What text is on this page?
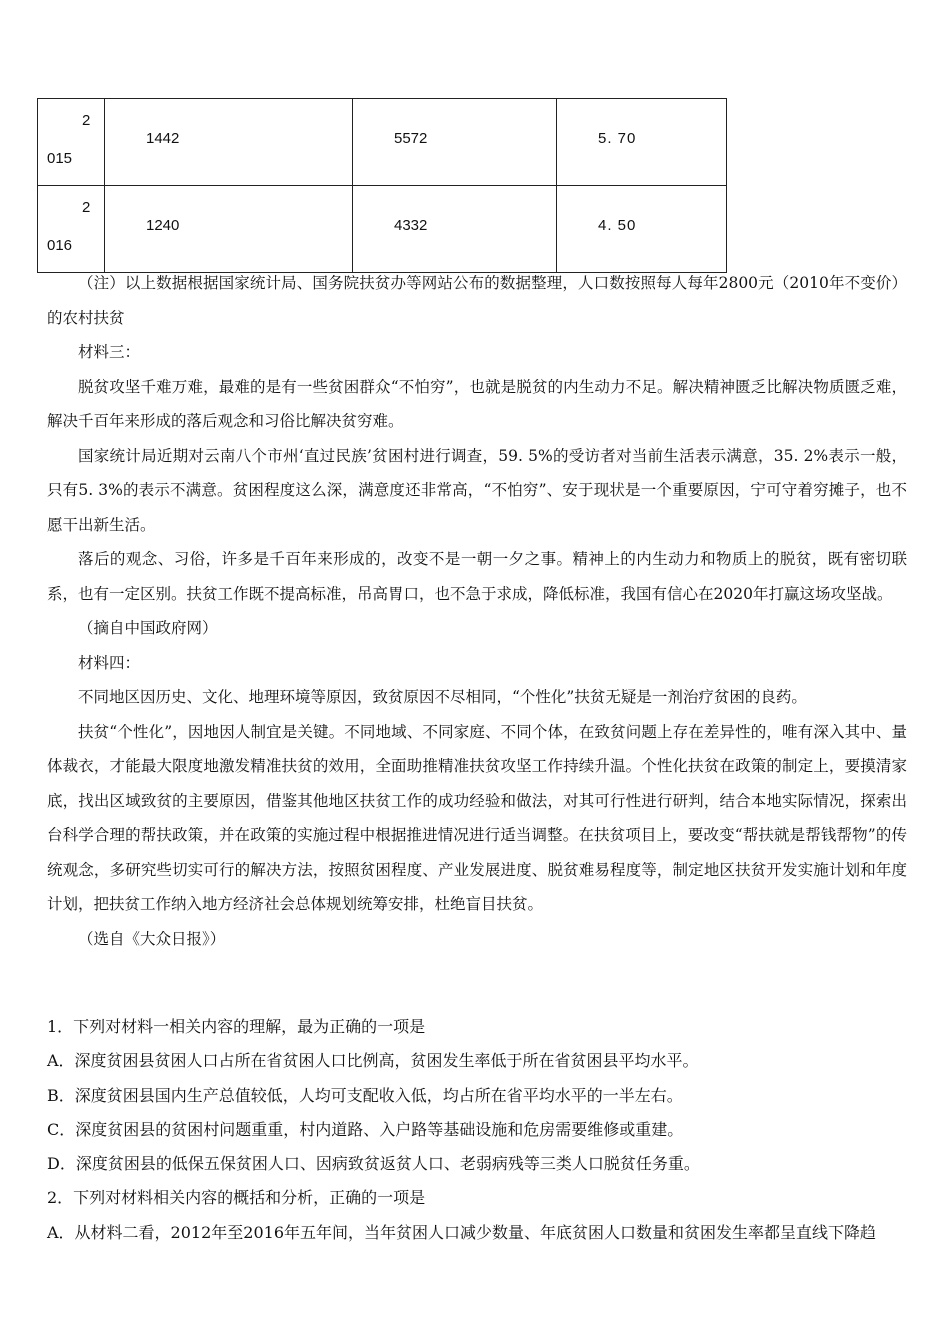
2
015	1442	5572	5. 70

2
016	1240	4332	4. 50

（注）以上数据根据国家统计局、国务院扶贫办等网站公布的数据整理，人口数按照每人每年2800元（2010年不变价）的农村扶贫

材料三：

脱贫攻坚千难万难，最难的是有一些贫困群众“不怕穷”，也就是脱贫的内生动力不足。解决精神匮乏比解决物质匮乏难，解决千百年来形成的落后观念和习俗比解决贫穷难。

国家统计局近期对云南八个市州‘直过民族’贫困村进行调查，59. 5%的受访者对当前生活表示满意，35. 2%表示一般，只有5. 3%的表示不满意。贫困程度这么深，满意度还非常高，“不怕穷”、安于现状是一个重要原因，宁可守着穷摊子，也不愿干出新生活。

落后的观念、习俗，许多是千百年来形成的，改变不是一朝一夕之事。精神上的内生动力和物质上的脱贫，既有密切联系，也有一定区别。扶贫工作既不提高标准，吊高胃口，也不急于求成，降低标准，我国有信心在2020年打赢这场攻坚战。

（摘自中国政府网）

材料四：

不同地区因历史、文化、地理环境等原因，致贫原因不尽相同，“个性化”扶贫无疑是一剂治疗贫困的良药。

扶贫“个性化”，因地因人制宜是关键。不同地域、不同家庭、不同个体，在致贫问题上存在差异性的，唯有深入其中、量体裁衣，才能最大限度地激发精准扶贫的效用，全面助推精准扶贫攻坚工作持续升温。个性化扶贫在政策的制定上，要摸清家底，找出区域致贫的主要原因，借鉴其他地区扶贫工作的成功经验和做法，对其可行性进行研判，结合本地实际情况，探索出台科学合理的帮扶政策，并在政策的实施过程中根据推进情况进行适当调整。在扶贫项目上，要改变“帮扶就是帮钱帮物”的传统观念，多研究些切实可行的解决方法，按照贫困程度、产业发展进度、脱贫难易程度等，制定地区扶贫开发实施计划和年度计划，把扶贫工作纳入地方经济社会总体规划统筹安排，杜绝盲目扶贫。

（选自《大众日报》）

1．下列对材料一相关内容的理解，最为正确的一项是
A．深度贫困县贫困人口占所在省贫困人口比例高，贫困发生率低于所在省贫困县平均水平。
B．深度贫困县国内生产总值较低，人均可支配收入低，均占所在省平均水平的一半左右。
C．深度贫困县的贫困村问题重重，村内道路、入户路等基础设施和危房需要维修或重建。
D．深度贫困县的低保五保贫困人口、因病致贫返贫人口、老弱病残等三类人口脱贫任务重。
2．下列对材料相关内容的概括和分析，正确的一项是
A．从材料二看，2012年至2016年五年间，当年贫困人口减少数量、年底贫困人口数量和贫困发生率都呈直线下降趋
